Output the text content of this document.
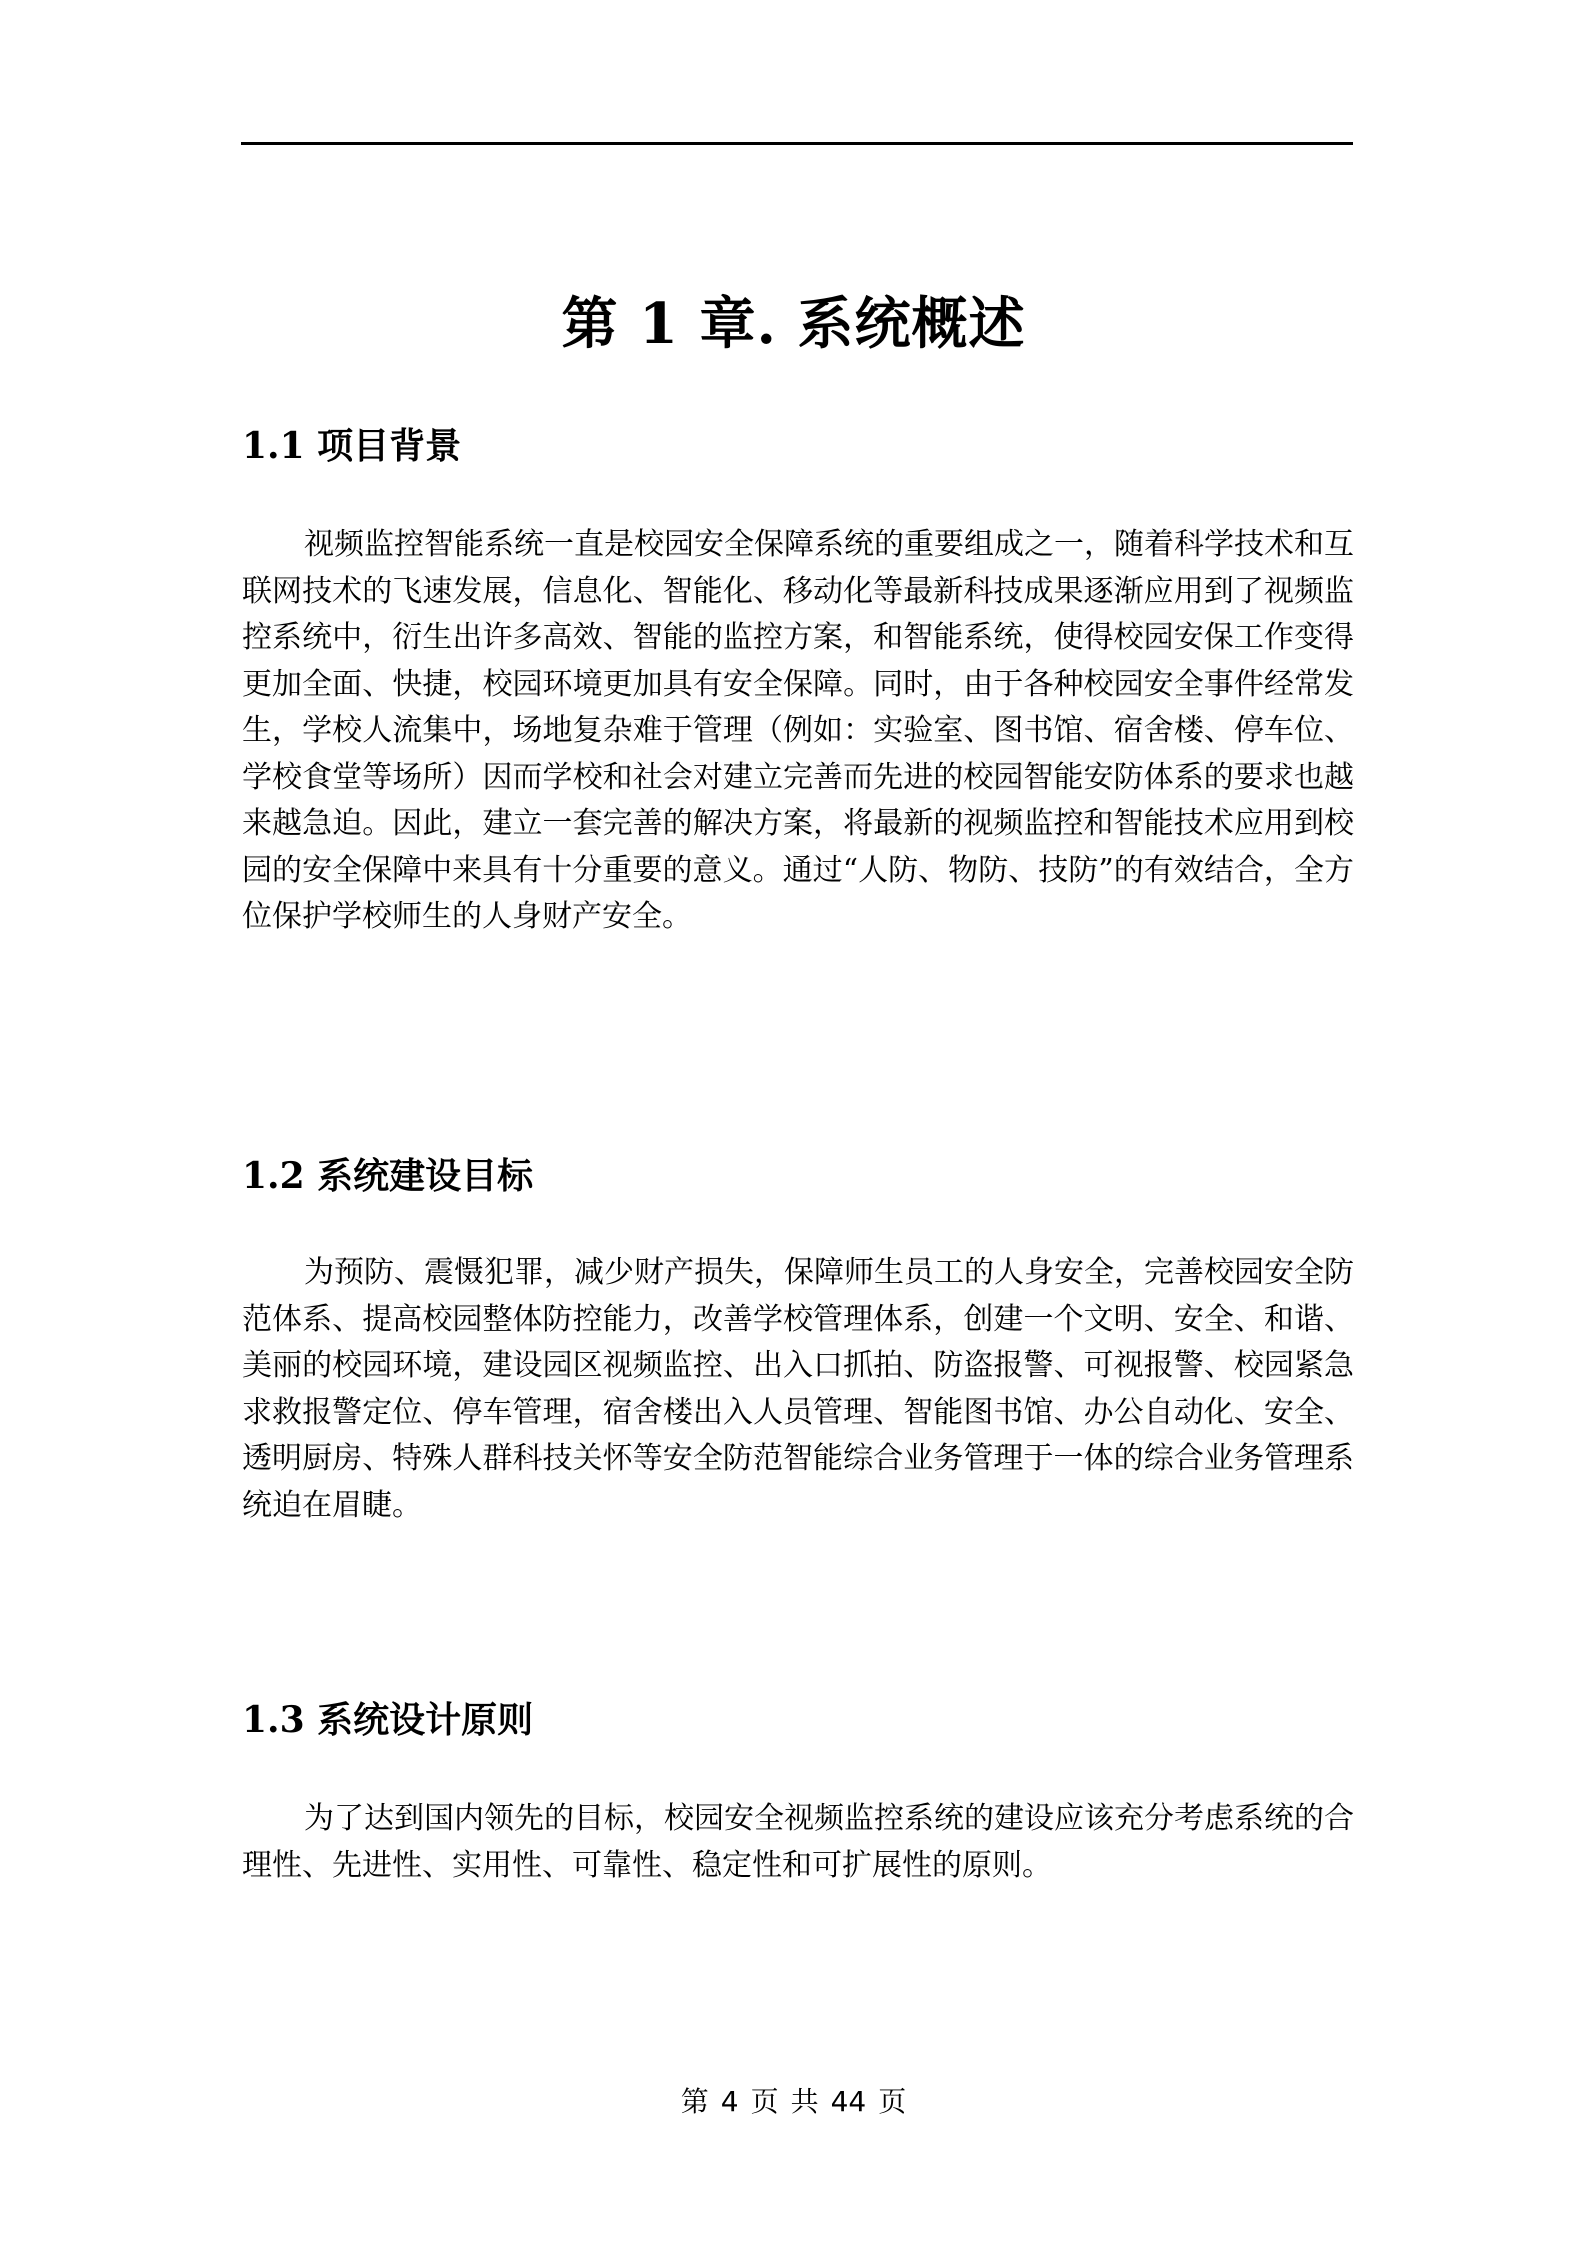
第 1 章. 系统概述
1.1 项目背景
视频监控智能系统一直是校园安全保障系统的重要组成之一，随着科学技术和互联网技术的飞速发展，信息化、智能化、移动化等最新科技成果逐渐应用到了视频监控系统中，衍生出许多高效、智能的监控方案，和智能系统，使得校园安保工作变得更加全面、快捷，校园环境更加具有安全保障。同时，由于各种校园安全事件经常发生，学校人流集中，场地复杂难于管理（例如：实验室、图书馆、宿舍楼、停车位、学校食堂等场所）因而学校和社会对建立完善而先进的校园智能安防体系的要求也越来越急迫。因此，建立一套完善的解决方案，将最新的视频监控和智能技术应用到校园的安全保障中来具有十分重要的意义。通过“人防、物防、技防”的有效结合，全方位保护学校师生的人身财产安全。
1.2 系统建设目标
为预防、震慑犯罪，减少财产损失，保障师生员工的人身安全，完善校园安全防范体系、提高校园整体防控能力，改善学校管理体系，创建一个文明、安全、和谐、美丽的校园环境，建设园区视频监控、出入口抓拍、防盗报警、可视报警、校园紧急求救报警定位、停车管理，宿舍楼出入人员管理、智能图书馆、办公自动化、安全、透明厨房、特殊人群科技关怀等安全防范智能综合业务管理于一体的综合业务管理系统迫在眉睫。
1.3 系统设计原则
为了达到国内领先的目标，校园安全视频监控系统的建设应该充分考虑系统的合理性、先进性、实用性、可靠性、稳定性和可扩展性的原则。
第 4 页 共 44 页
